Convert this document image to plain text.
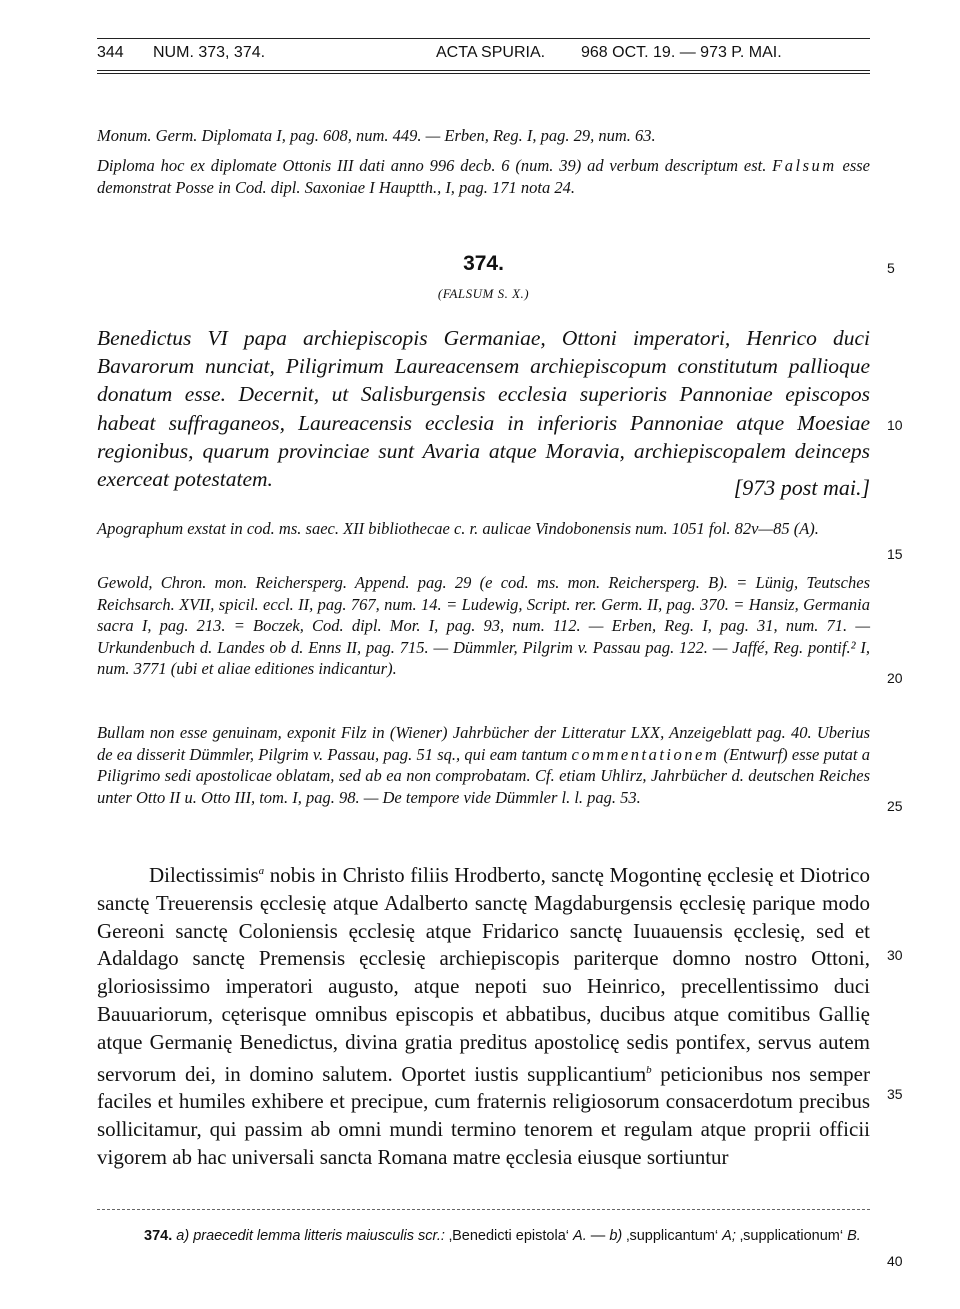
344 NUM. 373, 374.	ACTA SPURIA. 968 OCT. 19. — 973 P. MAI.

Monum. Germ. Diplomata I, pag. 608, num. 449. — Erben, Reg. I, pag. 29, num. 63.

Diploma hoc ex diplomate Ottonis III dati anno 996 decb. 6 (num. 39) ad verbum descriptum est. Falsum esse demonstrat Posse in Cod. dipl. Saxoniae I Hauptth., I, pag. 171 nota 24.

374.
(FALSUM S. X.)

Benedictus VI papa archiepiscopis Germaniae, Ottoni imperatori, Henrico duci Bavarorum nunciat, Piligrimum Laureacensem archiepiscopum constitutum pallioque donatum esse. Decernit, ut Salisburgensis ecclesia superioris Pannoniae episcopos habeat suffraganeos, Laureacensis ecclesia in inferioris Pannoniae atque Moesiae regionibus, quarum provinciae sunt Avaria atque Moravia, archiepiscopalem deinceps exerceat potestatem.	[973 post mai.]

Apographum exstat in cod. ms. saec. XII bibliothecae c. r. aulicae Vindobonensis num. 1051 fol. 82v—85 (A).

Gewold, Chron. mon. Reichersperg. Append. pag. 29 (e cod. ms. mon. Reichersperg. B). = Lünig, Teutsches Reichsarch. XVII, spicil. eccl. II, pag. 767, num. 14. = Ludewig, Script. rer. Germ. II, pag. 370. = Hansiz, Germania sacra I, pag. 213. = Boczek, Cod. dipl. Mor. I, pag. 93, num. 112. — Erben, Reg. I, pag. 31, num. 71. — Urkundenbuch d. Landes ob d. Enns II, pag. 715. — Dümmler, Pilgrim v. Passau pag. 122. — Jaffé, Reg. pontif.² I, num. 3771 (ubi et aliae editiones indicantur).

Bullam non esse genuinam, exponit Filz in (Wiener) Jahrbücher der Litteratur LXX, Anzeigeblatt pag. 40. Uberius de ea disserit Dümmler, Pilgrim v. Passau, pag. 51 sq., qui eam tantum commentationem (Entwurf) esse putat a Piligrimo sedi apostolicae oblatam, sed ab ea non comprobatam. Cf. etiam Uhlirz, Jahrbücher d. deutschen Reiches unter Otto II u. Otto III, tom. I, pag. 98. — De tempore vide Dümmler l. l. pag. 53.

Dilectissimis$^a$ nobis in Christo filiis Hrodberto, sanctę Mogontinę ęcclesię et Diotrico sanctę Treuerensis ęcclesię atque Adalberto sanctę Magdaburgensis ęcclesię parique modo Gereoni sanctę Coloniensis ęcclesię atque Fridarico sanctę Iuuauensis ęcclesię, sed et Adaldago sanctę Premensis ęcclesię archiepiscopis pariterque domno nostro Ottoni, gloriosissimo imperatori augusto, atque nepoti suo Heinrico, precellentissimo duci Bauuariorum, cęterisque omnibus episcopis et abbatibus, ducibus atque comitibus Gallię atque Germanię Benedictus, divina gratia preditus apostolicę sedis pontifex, servus autem servorum dei, in domino salutem. Oportet iustis supplicantium$^b$ peticionibus nos semper faciles et humiles exhibere et precipue, cum fraternis religiosorum consacerdotum precibus sollicitamur, qui passim ab omni mundi termino tenorem et regulam atque proprii officii vigorem ab hac universali sancta Romana matre ęcclesia eiusque sortiuntur

374. a) praecedit lemma litteris maiusculis scr.: ‚Benedicti epistola‘ A. — b) ‚supplicantum‘ A; ‚supplicationum‘ B.

5
10
15
20
25
30
35
40
